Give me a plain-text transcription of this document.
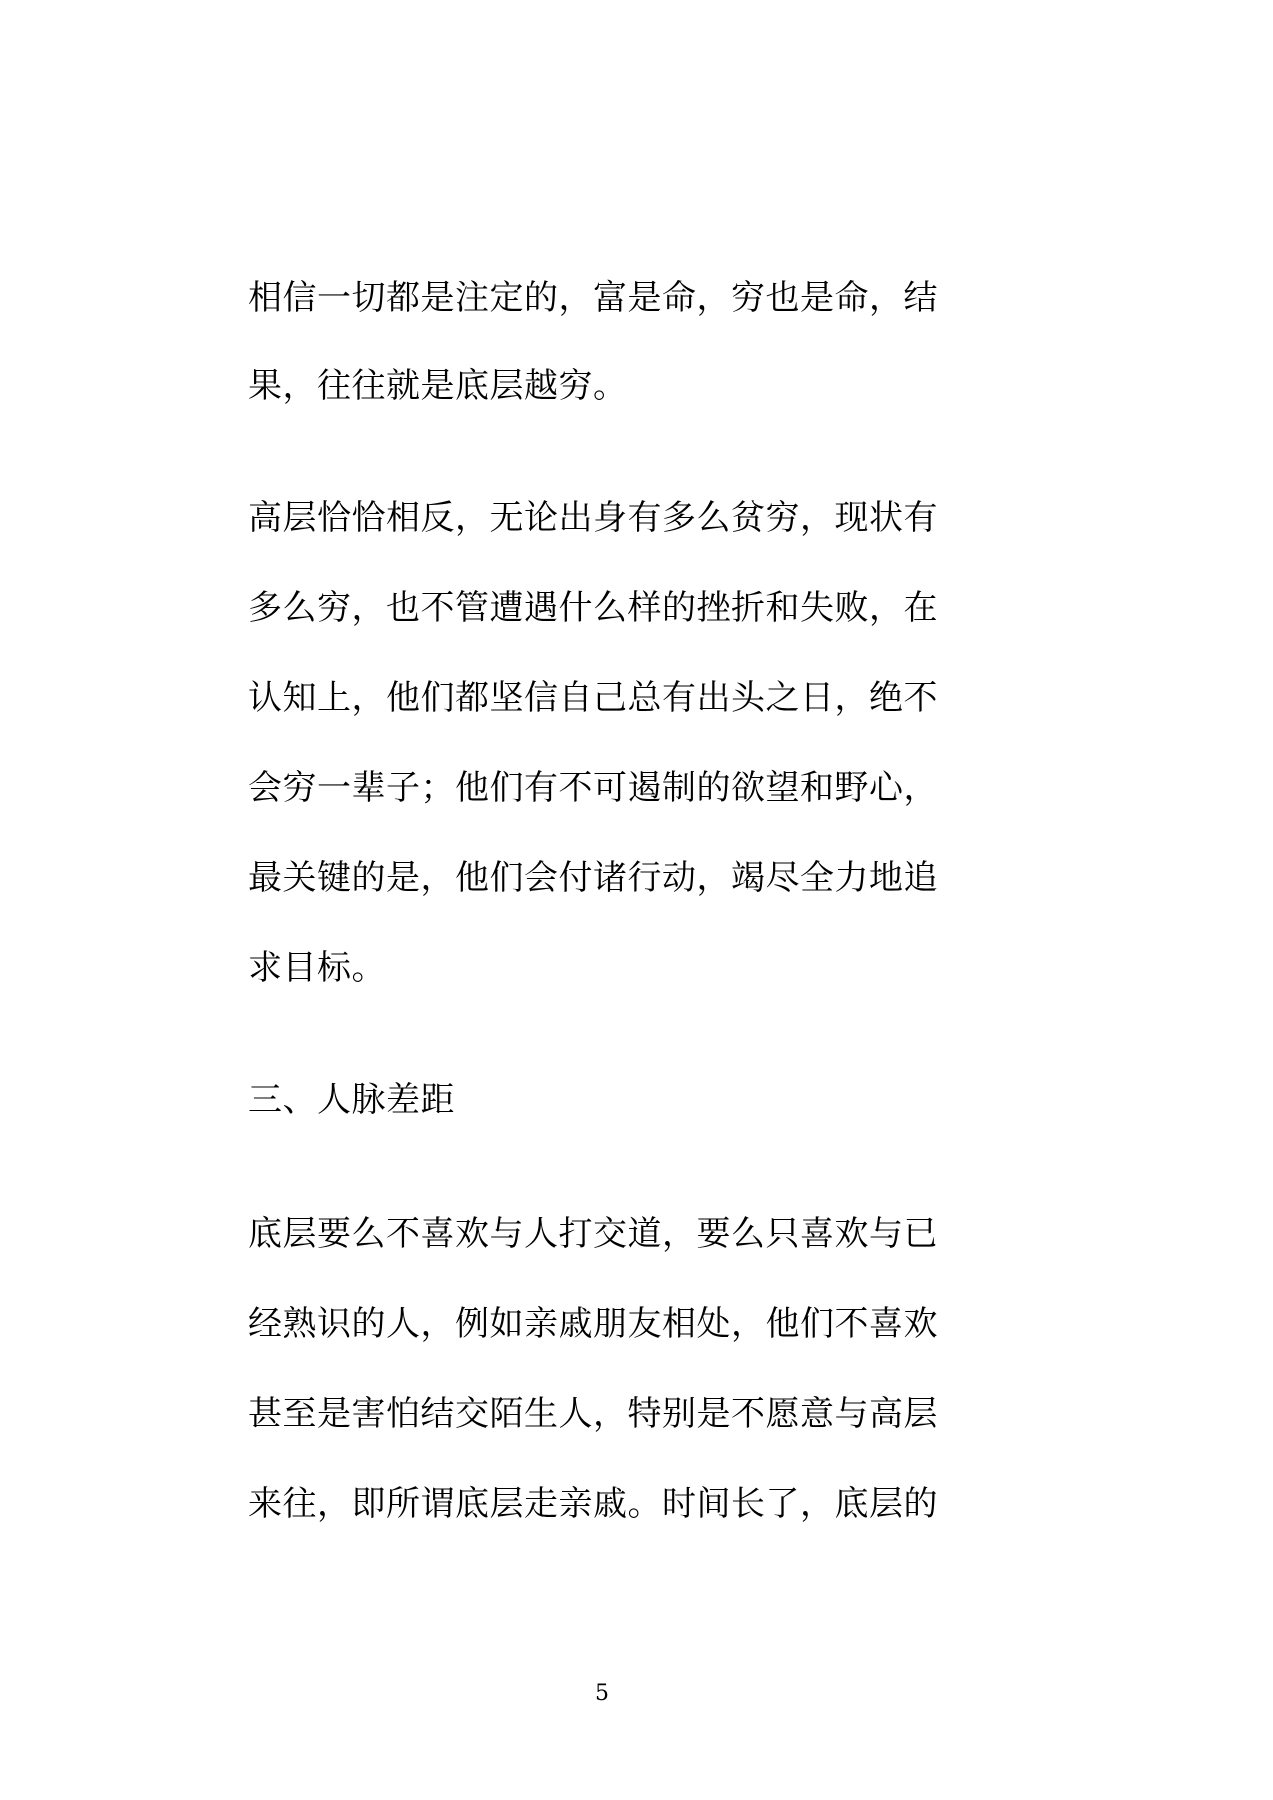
相信一切都是注定的，富是命，穷也是命，结

果，往往就是底层越穷。

高层恰恰相反，无论出身有多么贫穷，现状有

多么穷，也不管遭遇什么样的挫折和失败，在

认知上，他们都坚信自己总有出头之日，绝不

会穷一辈子；他们有不可遏制的欲望和野心，

最关键的是，他们会付诸行动，竭尽全力地追

求目标。

三、人脉差距

底层要么不喜欢与人打交道，要么只喜欢与已

经熟识的人，例如亲戚朋友相处，他们不喜欢

甚至是害怕结交陌生人，特别是不愿意与高层

来往，即所谓底层走亲戚。时间长了，底层的

5
